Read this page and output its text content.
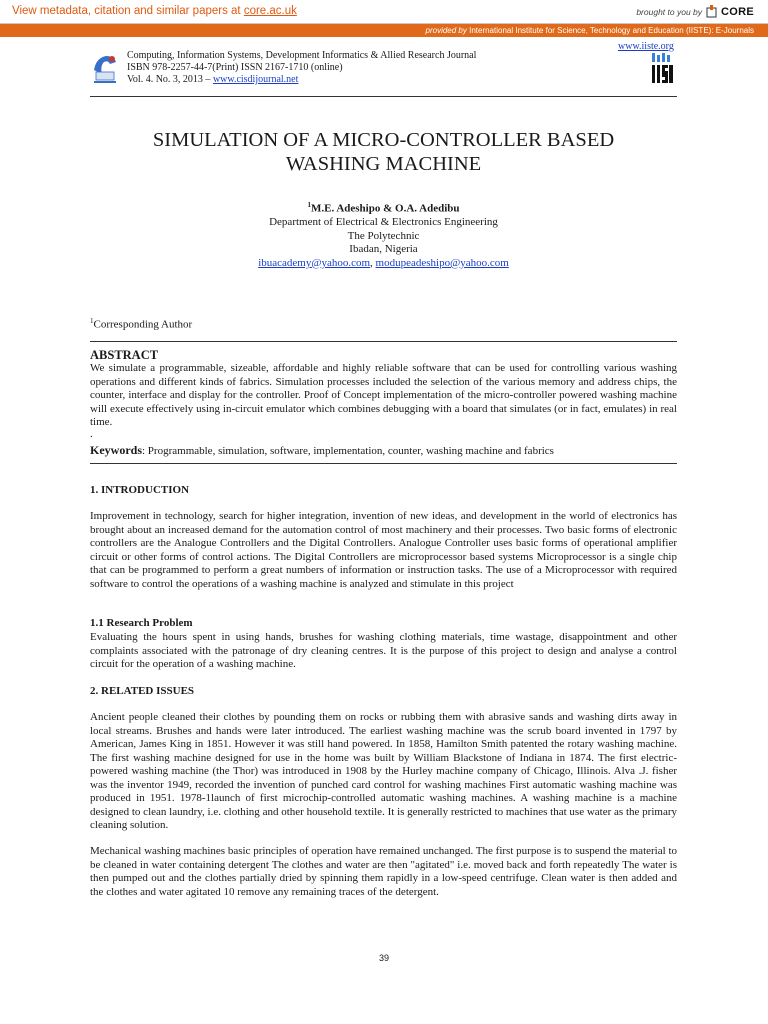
View metadata, citation and similar papers at core.ac.uk	brought to you by CORE
provided by International Institute for Science, Technology and Education (IISTE): E-Journals
Computing, Information Systems, Development Informatics & Allied Research Journal
ISBN 978-2257-44-7(Print) ISSN 2167-1710 (online)
Vol. 4. No. 3, 2013 – www.cisdijournal.net
www.iiste.org
SIMULATION OF A MICRO-CONTROLLER BASED
WASHING MACHINE
$^1$M.E. Adeshipo & O.A. Adedibu
Department of Electrical & Electronics Engineering
The Polytechnic
Ibadan, Nigeria
ibuacademy@yahoo.com, modupeadeshipo@yahoo.com
$^1$Corresponding Author
ABSTRACT
We simulate a programmable, sizeable, affordable and highly reliable software that can be used for controlling various washing operations and different kinds of fabrics. Simulation processes included the selection of the various memory and address chips, the counter, interface and display for the controller. Proof of Concept implementation of the micro-controller powered washing machine will execute effectively using in-circuit emulator which combines debugging with a board that simulates (or in fact, emulates) in real time.
.
Keywords: Programmable, simulation, software, implementation, counter, washing machine and fabrics
1. INTRODUCTION
Improvement in technology, search for higher integration, invention of new ideas, and development in the world of electronics has brought about an increased demand for the automation control of most machinery and their processes. Two basic forms of electronic controllers are the Analogue Controllers and the Digital Controllers. Analogue Controller uses basic forms of operational amplifier circuit or other forms of control actions. The Digital Controllers are microprocessor based systems Microprocessor is a single chip that can be programmed to perform a great numbers of information or instruction tasks. The use of a Microprocessor with required software to control the operations of a washing machine is analyzed and stimulate in this project
1.1 Research Problem
Evaluating the hours spent in using hands, brushes for washing clothing materials, time wastage, disappointment and other complaints associated with the patronage of dry cleaning centres. It is the purpose of this project to design and analyse a control circuit for the operation of a washing machine.
2. RELATED ISSUES
Ancient people cleaned their clothes by pounding them on rocks or rubbing them with abrasive sands and washing dirts away in local streams. Brushes and hands were later introduced. The earliest washing machine was the scrub board invented in 1797 by American, James King in 1851. However it was still hand powered. In 1858, Hamilton Smith patented the rotary washing machine. The first washing machine designed for use in the home was built by William Blackstone of Indiana in 1874. The first electric-powered washing machine (the Thor) was introduced in 1908 by the Hurley machine company of Chicago, Illinois. Alva .J. fisher was the inventor 1949, recorded the invention of punched card control for washing machines First automatic washing machine was produced in 1951. 1978-1launch of first microchip-controlled automatic washing machines. A washing machine is a machine designed to clean laundry, i.e. clothing and other household textile. It is generally restricted to machines that use water as the primary cleaning solution.
Mechanical washing machines basic principles of operation have remained unchanged. The first purpose is to suspend the material to be cleaned in water containing detergent The clothes and water are then "agitated" i.e. moved back and forth repeatedly The water is then pumped out and the clothes partially dried by spinning them rapidly in a low-speed centrifuge. Clean water is then added and the clothes and water agitated 10 remove any remaining traces of the detergent.
39
